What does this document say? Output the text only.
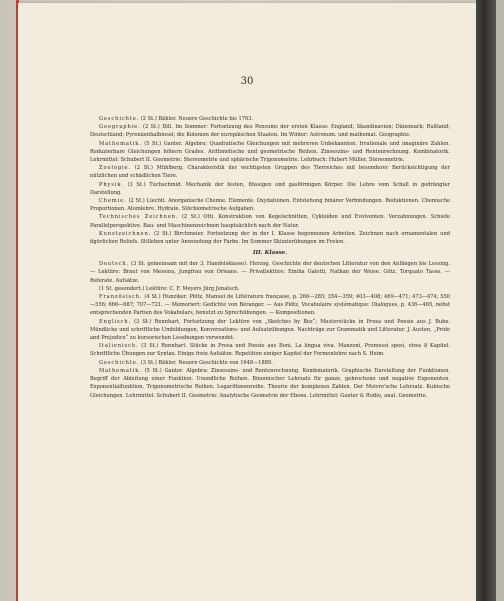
30

Geschichte. (2 St.) Bähler. Neuere Geschichte bis 1763.

Geographie. (2 St.) Dill. Im Sommer: Fortsetzung des Pensums der ersten Klasse: England; Skandinavien; Dänemark; Rußland; Deutschland; Pyrenäenhalbinsel; die Kolonien der europäischen Staaten. Im Winter: Astronom. und mathemat. Geographie.

Mathematik. (5 St.) Ganter. Algebra: Quadratische Gleichungen mit mehreren Unbekannten. Irrationale und imaginäre Zahlen. Reduzierbare Gleichungen höhern Grades. Arithmetische und geometrische Reihen. Zinseszins- und Rentenrechnung. Kombinatorik. Lehrmittel: Schubert II. Geometrie: Stereometrie und sphärische Trigonometrie. Lehrbuch: Hubert Müller, Stereometrie.

Zoologie. (2 St.) Mühlberg. Charakteristik der wichtigsten Gruppen des Tierreiches mit besonderer Berücksichtigung der nützlichen und schädlichen Tiere.

Physik. (3 St.) Tuchschmid. Mechanik der festen, flüssigen und gasförmigen Körper. Die Lehre vom Schall in gedrängter Darstellung.

Chemie. (2 St.) Liechti. Anorganische Chemie. Elemente. Oxydationen. Entstehung binärer Verbindungen. Reduktionen. Chemische Proportionen. Atomlehre. Hydrate. Stöchiometrische Aufgaben.

Technisches Zeichnen. (2 St.) Otti. Konstruktion von Kegelschnitten, Cykloiden und Evolventen. Verzahnungen. Schiefe Parallelperspektive. Bau- und Maschinenzeichnen hauptsächlich nach der Natur.

Kunstzeichnen. (2 St.) Birchmeier. Fortsetzung der in der I. Klasse begonnenen Arbeiten. Zeichnen nach ornamentalen und figürlichen Reliefs. Stilleben unter Anwendung der Farbe. Im Sommer Skizzierübungen im Freien.

III. Klasse.

Deutsch. (3 St. gemeinsam mit der 3. Handelsklasse). Herzog. Geschichte der deutschen Litteratur von den Anfängen bis Lessing. — Lektüre: Braut von Messina, Jungfrau von Orleans. — Privatlektüre: Emilia Galotti, Nathan der Weise. Götz. Torquato Tasso. — Referate. Aufsätze.

(1 St. gesondert.) Lektüre: C. F. Meyers Jürg Jenatsch.

Französisch. (4 St.) Hunziker. Plötz, Manuel de Littérature française, p. 266—285; 354—359; 403—408; 469—471; 473—474; 550—556; 666—687; 707—721. — Memoriert: Gedichte von Béranger. — Aus Plötz, Vocabulaire systématique: Dialogues, p. 436—465, nebst entsprechenden Partien des Vokabulars, benutzt zu Sprechübungen. — Kompositionen.

Englisch. (3 St.) Rennhart. Fortsetzung der Lektüre von „Sketches by Boz“; Musterstücke in Prosa und Poesie aus J. Bube. Mündliche und schriftliche Umbildungen, Konversations- und Aufsatzübungen. Nachträge zur Grammatik und Litteratur. J. Austen, „Pride and Prejudice“ zu kursorischen Lesebungen verwendet.

Italienisch. (3 St.) Rennhart. Stücke in Prosa und Poesie aus Boni, La lingua viva. Manzoni, Promessi sposi, etwa 8 Kapitel. Schriftliche Übungen zur Syntax. Einige freie Aufsätze. Repetition einiger Kapitel der Formenlehre nach S. Heim.

Geschichte. (3 St.) Bähler. Neuere Geschichte von 1648—1889.

Mathematik. (5 St.) Ganter. Algebra: Zinseszins- und Rentenrechnung. Kombinatorik. Graphische Darstellung der Funktionen. Begriff der Ableitung einer Funktion. Unendliche Reihen. Binomischer Lehrsatz für ganze, gebrochene und negative Exponenten. Exponentialfunktion. Trigonometrische Reihen. Logarithmenreihe. Theorie der komplexen Zahlen. Der Moivre'sche Lehrsatz. Kubische Gleichungen. Lehrmittel: Schubert II. Geometrie: Analytische Geometrie der Ebene. Lehrmittel: Ganter & Rudio, anal. Geometrie.
